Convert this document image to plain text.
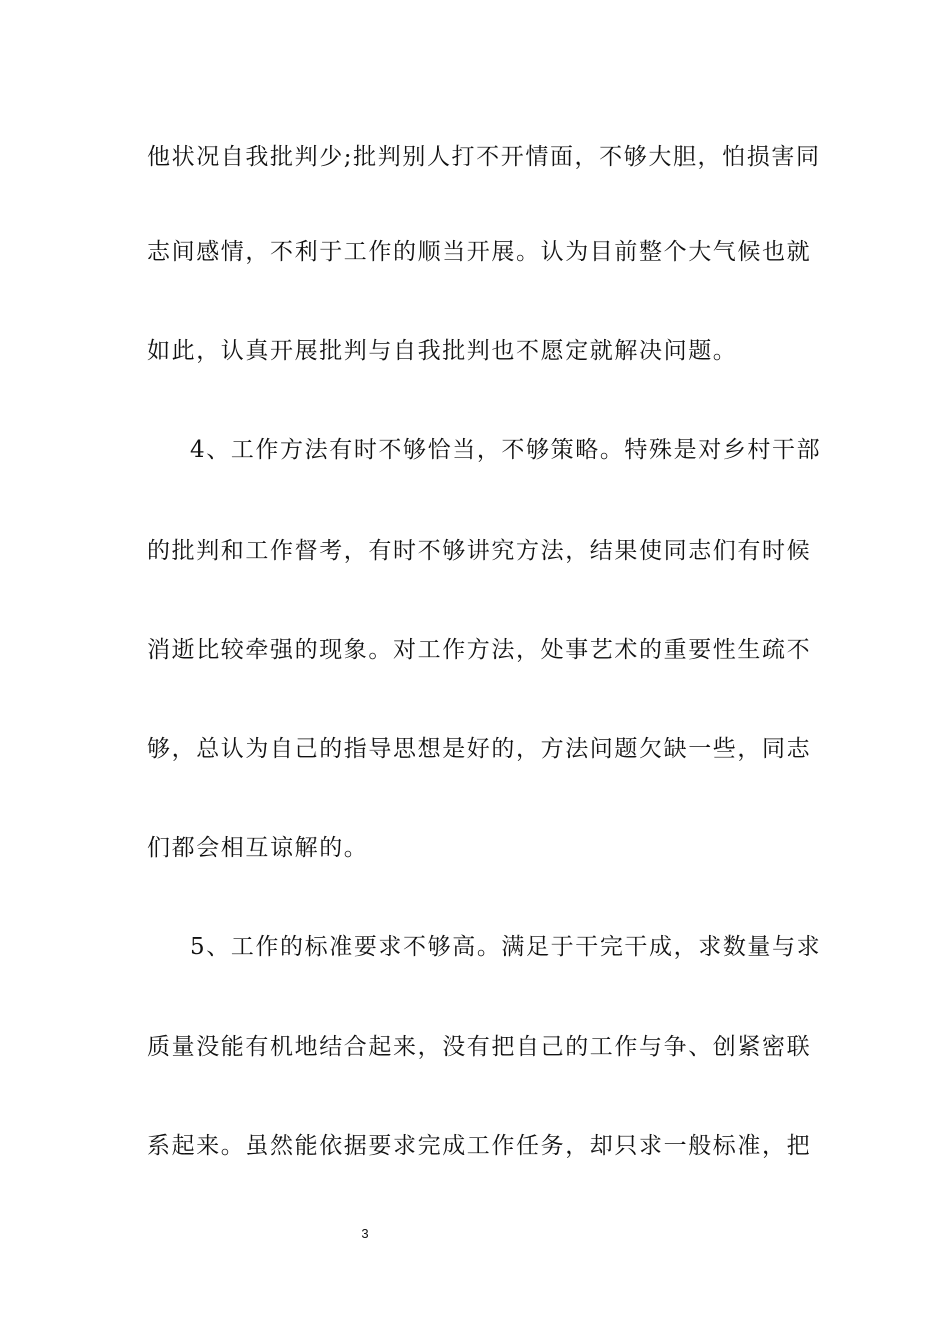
他状况自我批判少;批判别人打不开情面，不够大胆，怕损害同
志间感情，不利于工作的顺当开展。认为目前整个大气候也就
如此，认真开展批判与自我批判也不愿定就解决问题。
4、工作方法有时不够恰当，不够策略。特殊是对乡村干部
的批判和工作督考，有时不够讲究方法，结果使同志们有时候
消逝比较牵强的现象。对工作方法，处事艺术的重要性生疏不
够，总认为自己的指导思想是好的，方法问题欠缺一些，同志
们都会相互谅解的。
5、工作的标准要求不够高。满足于干完干成，求数量与求
质量没能有机地结合起来，没有把自己的工作与争、创紧密联
系起来。虽然能依据要求完成工作任务，却只求一般标准，把
3
